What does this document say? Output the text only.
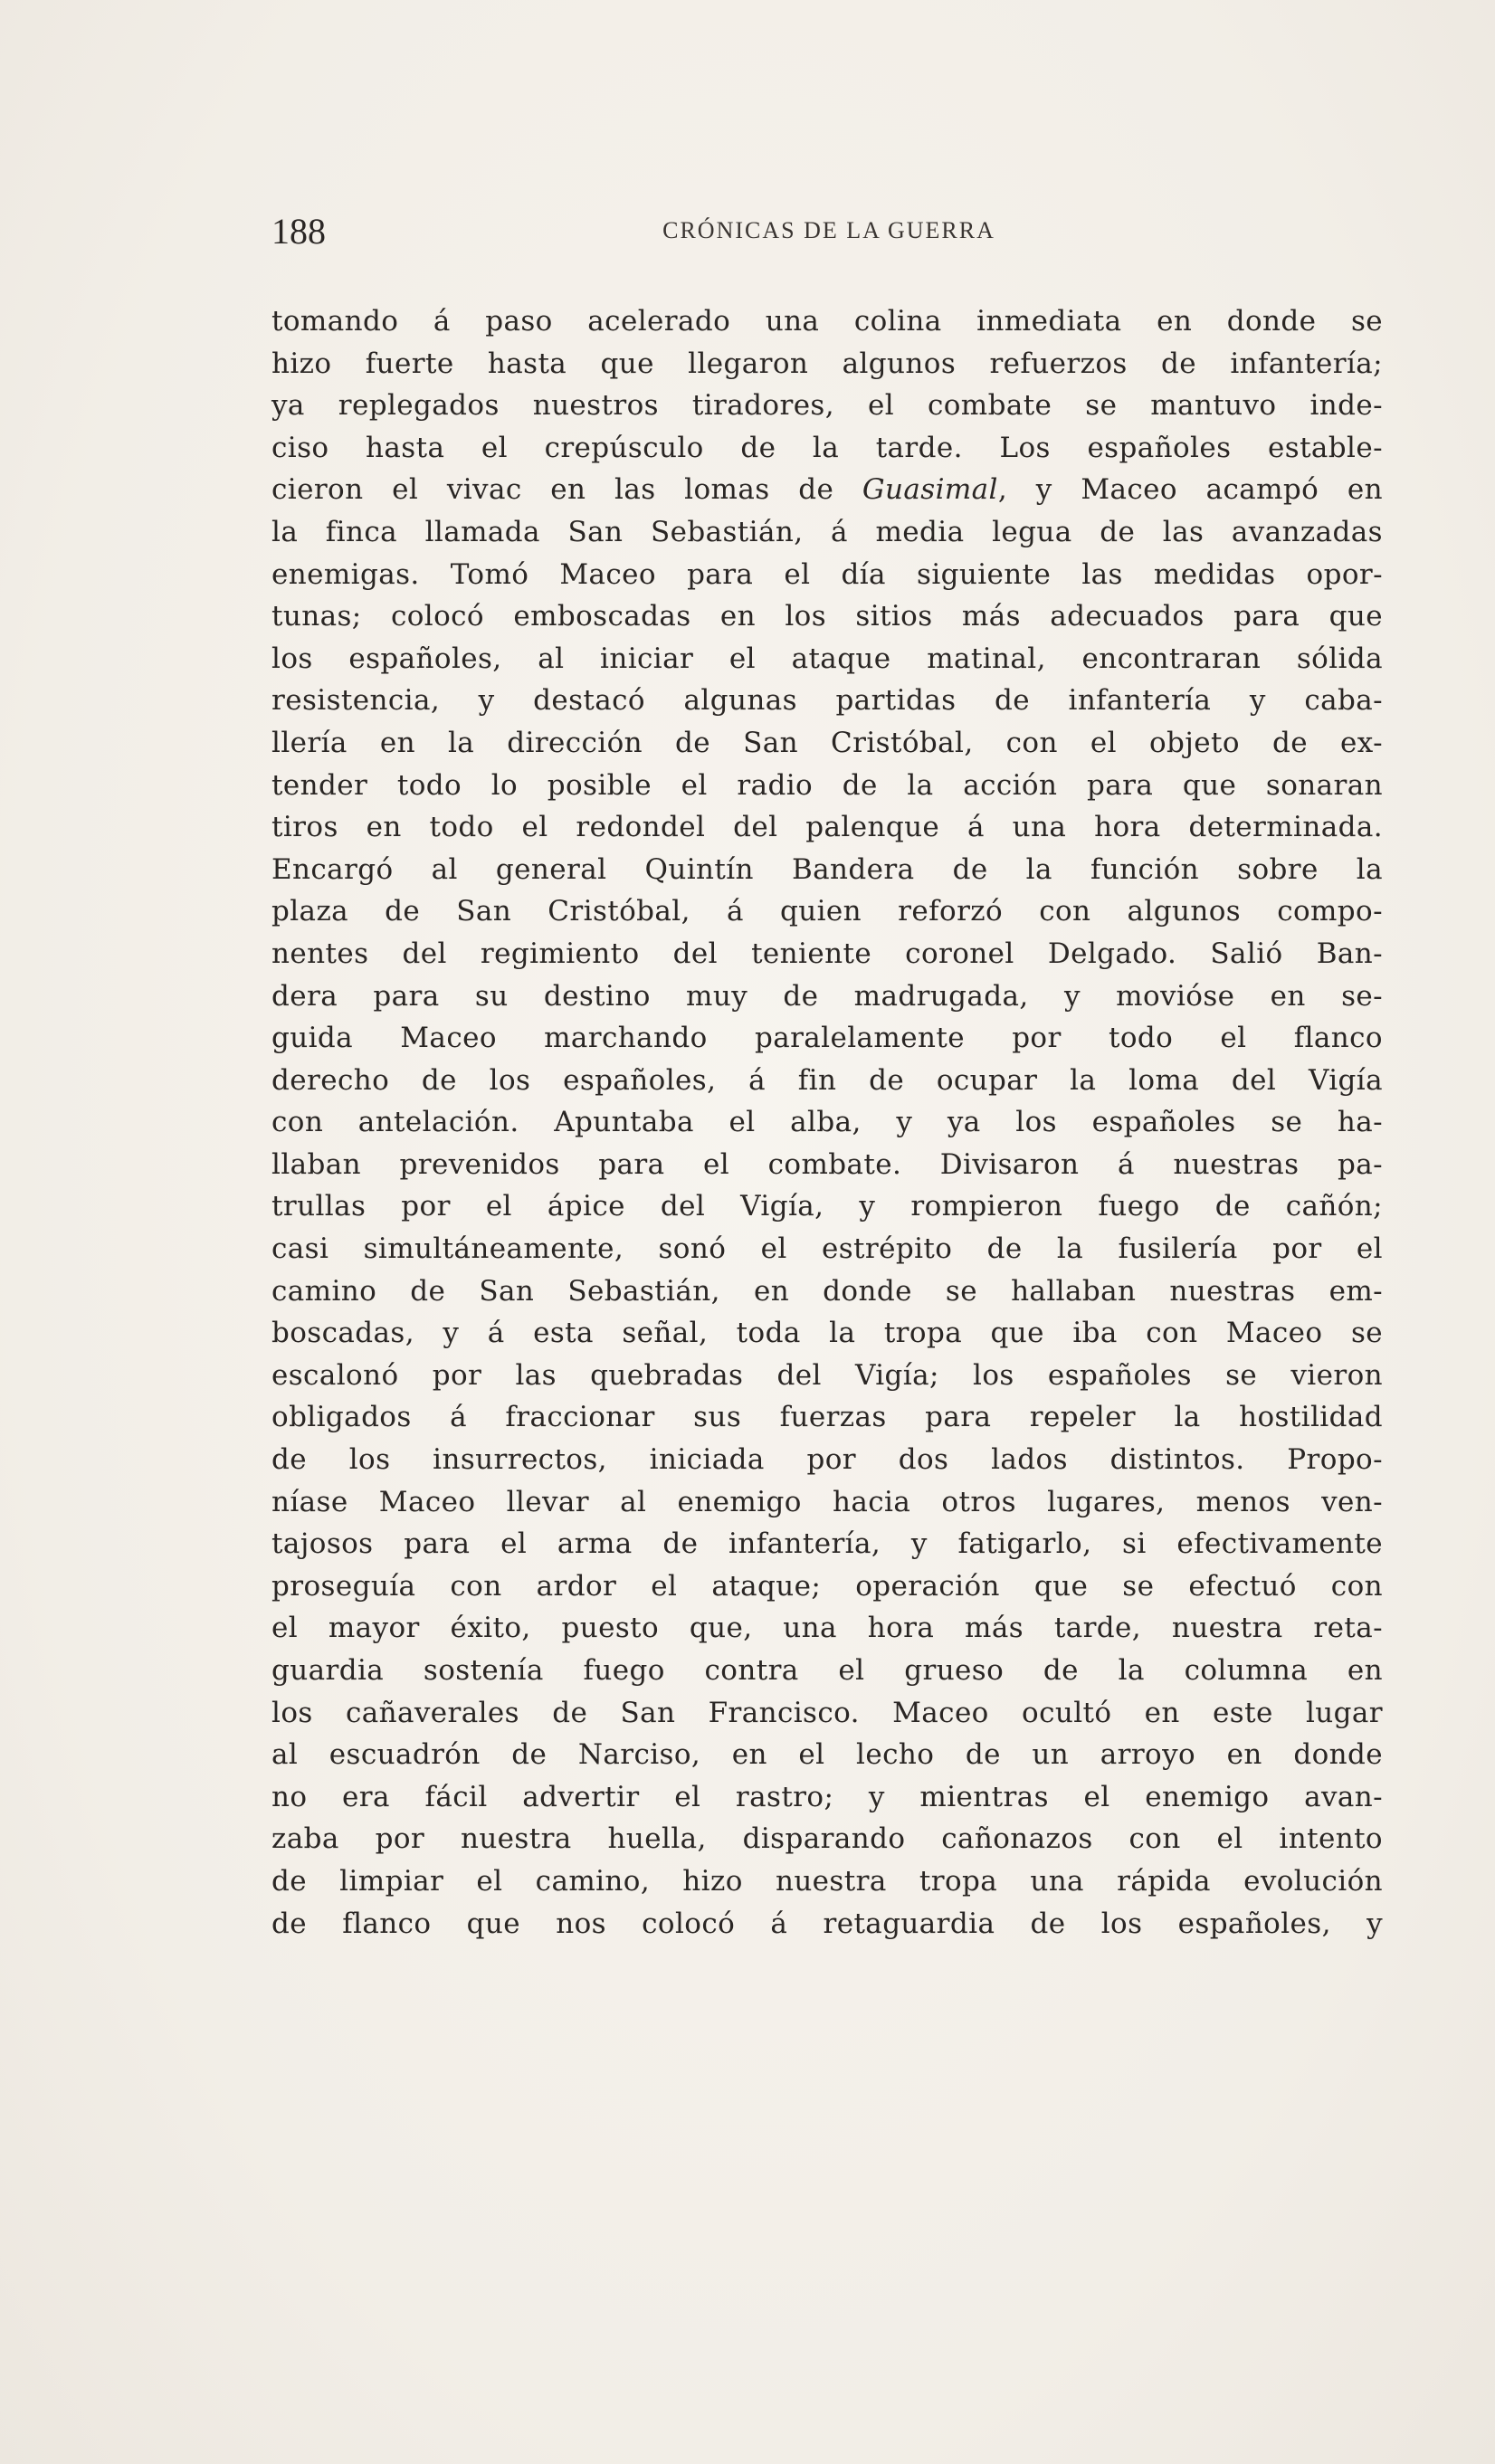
188	CRÓNICAS DE LA GUERRA
tomando á paso acelerado una colina inmediata en donde se
hizo fuerte hasta que llegaron algunos refuerzos de infantería;
ya replegados nuestros tiradores, el combate se mantuvo inde-
ciso hasta el crepúsculo de la tarde. Los españoles estable-
cieron el vivac en las lomas de Guasimal, y Maceo acampó en
la finca llamada San Sebastián, á media legua de las avanzadas
enemigas. Tomó Maceo para el día siguiente las medidas opor-
tunas; colocó emboscadas en los sitios más adecuados para que
los españoles, al iniciar el ataque matinal, encontraran sólida
resistencia, y destacó algunas partidas de infantería y caba-
llería en la dirección de San Cristóbal, con el objeto de ex-
tender todo lo posible el radio de la acción para que sonaran
tiros en todo el redondel del palenque á una hora determinada.
Encargó al general Quintín Bandera de la función sobre la
plaza de San Cristóbal, á quien reforzó con algunos compo-
nentes del regimiento del teniente coronel Delgado. Salió Ban-
dera para su destino muy de madrugada, y movióse en se-
guida Maceo marchando paralelamente por todo el flanco
derecho de los españoles, á fin de ocupar la loma del Vigía
con antelación. Apuntaba el alba, y ya los españoles se ha-
llaban prevenidos para el combate. Divisaron á nuestras pa-
trullas por el ápice del Vigía, y rompieron fuego de cañón;
casi simultáneamente, sonó el estrépito de la fusilería por el
camino de San Sebastián, en donde se hallaban nuestras em-
boscadas, y á esta señal, toda la tropa que iba con Maceo se
escalonó por las quebradas del Vigía; los españoles se vieron
obligados á fraccionar sus fuerzas para repeler la hostilidad
de los insurrectos, iniciada por dos lados distintos. Propo-
níase Maceo llevar al enemigo hacia otros lugares, menos ven-
tajosos para el arma de infantería, y fatigarlo, si efectivamente
proseguía con ardor el ataque; operación que se efectuó con
el mayor éxito, puesto que, una hora más tarde, nuestra reta-
guardia sostenía fuego contra el grueso de la columna en
los cañaverales de San Francisco. Maceo ocultó en este lugar
al escuadrón de Narciso, en el lecho de un arroyo en donde
no era fácil advertir el rastro; y mientras el enemigo avan-
zaba por nuestra huella, disparando cañonazos con el intento
de limpiar el camino, hizo nuestra tropa una rápida evolución
de flanco que nos colocó á retaguardia de los españoles, y
